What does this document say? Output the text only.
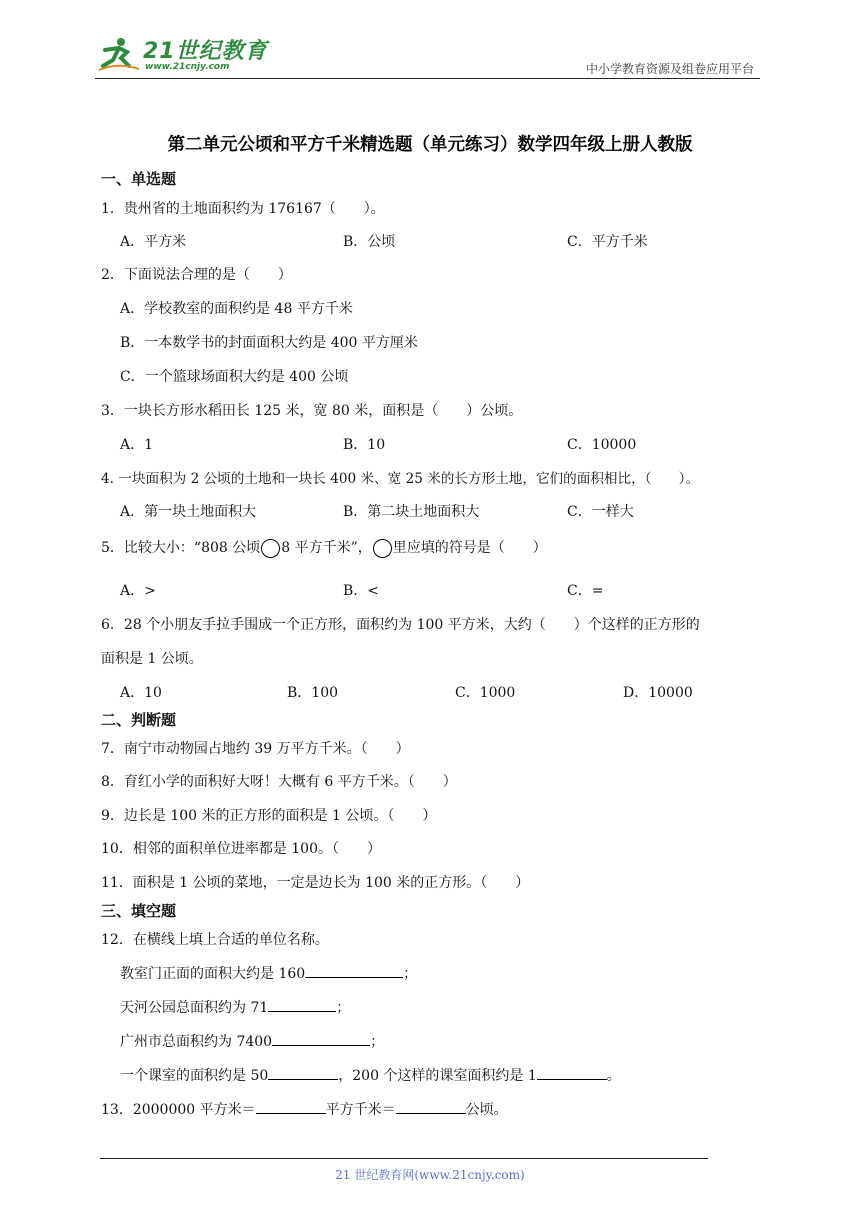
21世纪教育
www.21cnjy.com	中小学教育资源及组卷应用平台
第二单元公顷和平方千米精选题（单元练习）数学四年级上册人教版
一、单选题
1．贵州省的土地面积约为 176167（　　）。
A．平方米	B．公顷	C．平方千米
2．下面说法合理的是（　　）
A．学校教室的面积约是 48 平方千米
B．一本数学书的封面面积大约是 400 平方厘米
C．一个篮球场面积大约是 400 公顷
3．一块长方形水稻田长 125 米，宽 80 米，面积是（　　）公顷。
A．1	B．10	C．10000
4. 一块面积为 2 公顷的土地和一块长 400 米、宽 25 米的长方形土地，它们的面积相比，（　　）。
A．第一块土地面积大	B．第二块土地面积大	C．一样大
5．比较大小：“808 公顷 8 平方千米”， 里应填的符号是（　　）
A．>	B．<	C．=
6．28 个小朋友手拉手围成一个正方形，面积约为 100 平方米，大约（　　）个这样的正方形的
面积是 1 公顷。
A．10	B．100	C．1000	D．10000
二、判断题
7．南宁市动物园占地约 39 万平方千米。（　　）
8．育红小学的面积好大呀！大概有 6 平方千米。（　　）
9．边长是 100 米的正方形的面积是 1 公顷。（　　）
10．相邻的面积单位进率都是 100。（　　）
11．面积是 1 公顷的菜地，一定是边长为 100 米的正方形。（　　）
三、填空题
12．在横线上填上合适的单位名称。
教室门正面的面积大约是 160	；
天河公园总面积约为 71	；
广州市总面积约为 7400	；
一个课室的面积约是 50	，200 个这样的课室面积约是 1	。
13．2000000 平方米＝	平方千米＝	公顷。
21 世纪教育网(www.21cnjy.com)
